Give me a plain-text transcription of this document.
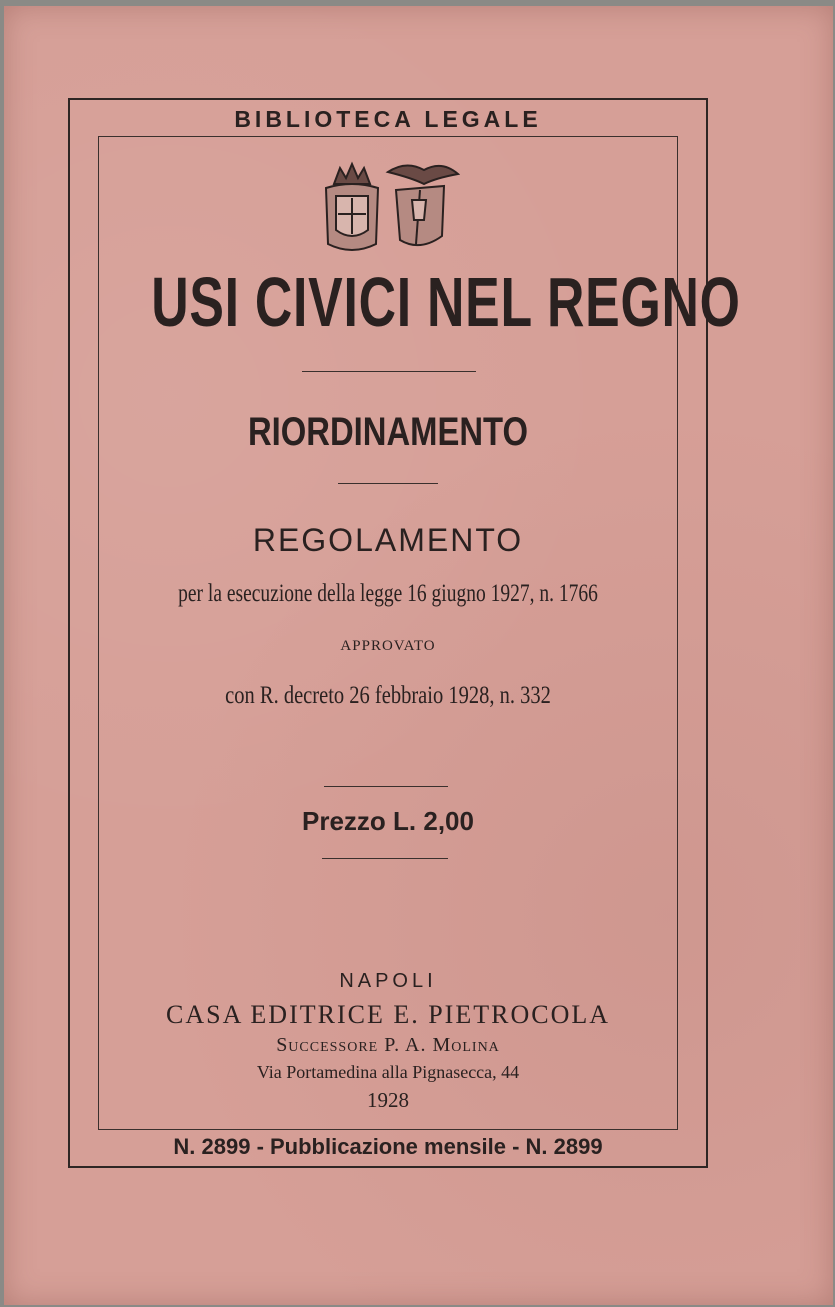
BIBLIOTECA LEGALE
USI CIVICI NEL REGNO
RIORDINAMENTO
REGOLAMENTO
per la esecuzione della legge 16 giugno 1927, n. 1766
APPROVATO
con R. decreto 26 febbraio 1928, n. 332
Prezzo L. 2,00
NAPOLI
CASA EDITRICE E. PIETROCOLA
Successore P. A. Molina
Via Portamedina alla Pignasecca, 44
1928
N. 2899 - Pubblicazione mensile - N. 2899
